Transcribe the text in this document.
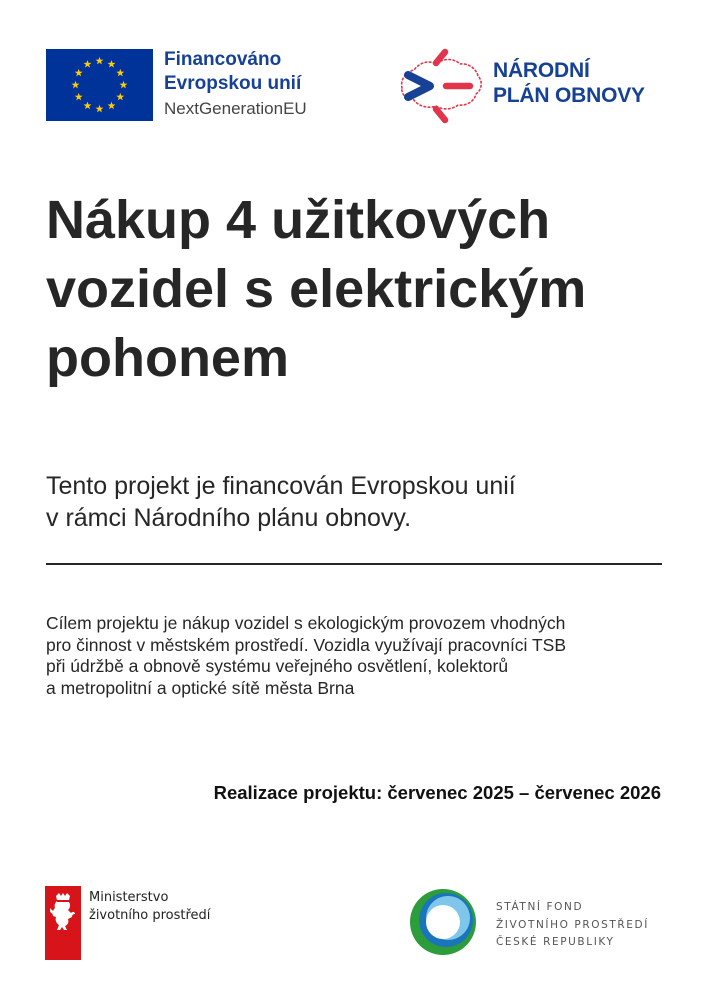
Financováno
Evropskou unií
NextGenerationEU
NÁRODNÍ
PLÁN OBNOVY
Nákup 4 užitkových
vozidel s elektrickým
pohonem
Tento projekt je financován Evropskou unií
v rámci Národního plánu obnovy.
Cílem projektu je nákup vozidel s ekologickým provozem vhodných
pro činnost v městském prostředí. Vozidla využívají pracovníci TSB
při údržbě a obnově systému veřejného osvětlení, kolektorů
a metropolitní a optické sítě města Brna
Realizace projektu: červenec 2025 – červenec 2026
Ministerstvo
životního prostředí
STÁTNÍ FOND
ŽIVOTNÍHO PROSTŘEDÍ
ČESKÉ REPUBLIKY
